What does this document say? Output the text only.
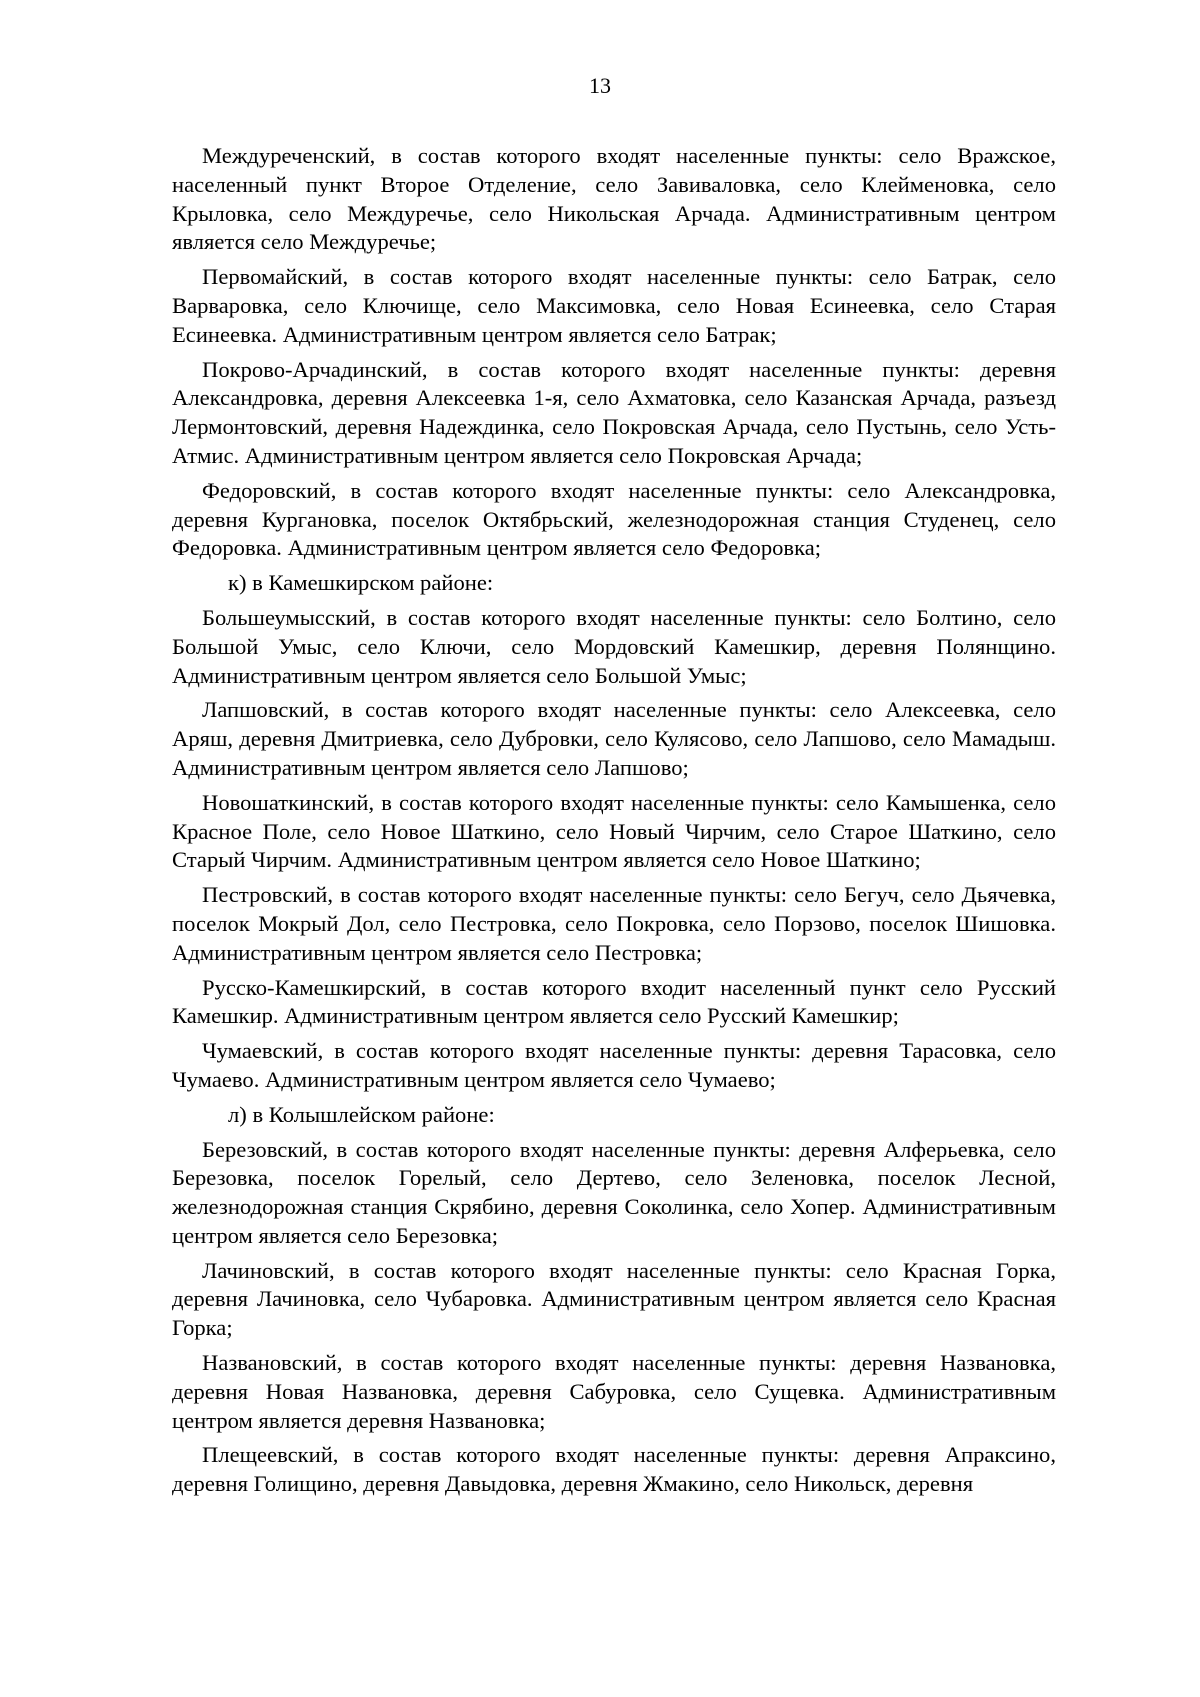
13

Междуреченский, в состав которого входят населенные пункты: село Вражское, населенный пункт Второе Отделение, село Завиваловка, село Клейменовка, село Крыловка, село Междуречье, село Никольская Арчада. Административным центром является село Междуречье;

Первомайский, в состав которого входят населенные пункты: село Батрак, село Варваровка, село Ключище, село Максимовка, село Новая Есинеевка, село Старая Есинеевка. Административным центром является село Батрак;

Покрово-Арчадинский, в состав которого входят населенные пункты: деревня Александровка, деревня Алексеевка 1-я, село Ахматовка, село Казанская Арчада, разъезд Лермонтовский, деревня Надеждинка, село Покровская Арчада, село Пустынь, село Усть-Атмис. Административным центром является село Покровская Арчада;

Федоровский, в состав которого входят населенные пункты: село Александровка, деревня Кургановка, поселок Октябрьский, железнодорожная станция Студенец, село Федоровка. Административным центром является село Федоровка;

к) в Камешкирском районе:

Большеумысский, в состав которого входят населенные пункты: село Болтино, село Большой Умыс, село Ключи, село Мордовский Камешкир, деревня Полянщино. Административным центром является село Большой Умыс;

Лапшовский, в состав которого входят населенные пункты: село Алексеевка, село Аряш, деревня Дмитриевка, село Дубровки, село Кулясово, село Лапшово, село Мамадыш. Административным центром является село Лапшово;

Новошаткинский, в состав которого входят населенные пункты: село Камышенка, село Красное Поле, село Новое Шаткино, село Новый Чирчим, село Старое Шаткино, село Старый Чирчим. Административным центром является село Новое Шаткино;

Пестровский, в состав которого входят населенные пункты: село Бегуч, село Дьячевка, поселок Мокрый Дол, село Пестровка, село Покровка, село Порзово, поселок Шишовка. Административным центром является село Пестровка;

Русско-Камешкирский, в состав которого входит населенный пункт село Русский Камешкир. Административным центром является село Русский Камешкир;

Чумаевский, в состав которого входят населенные пункты: деревня Тарасовка, село Чумаево. Административным центром является село Чумаево;

л) в Колышлейском районе:

Березовский, в состав которого входят населенные пункты: деревня Алферьевка, село Березовка, поселок Горелый, село Дертево, село Зеленовка, поселок Лесной, железнодорожная станция Скрябино, деревня Соколинка, село Хопер. Административным центром является село Березовка;

Лачиновский, в состав которого входят населенные пункты: село Красная Горка, деревня Лачиновка, село Чубаровка. Административным центром является село Красная Горка;

Названовский, в состав которого входят населенные пункты: деревня Названовка, деревня Новая Названовка, деревня Сабуровка, село Сущевка. Административным центром является деревня Названовка;

Плещеевский, в состав которого входят населенные пункты: деревня Апраксино, деревня Голищино, деревня Давыдовка, деревня Жмакино, село Никольск, деревня
